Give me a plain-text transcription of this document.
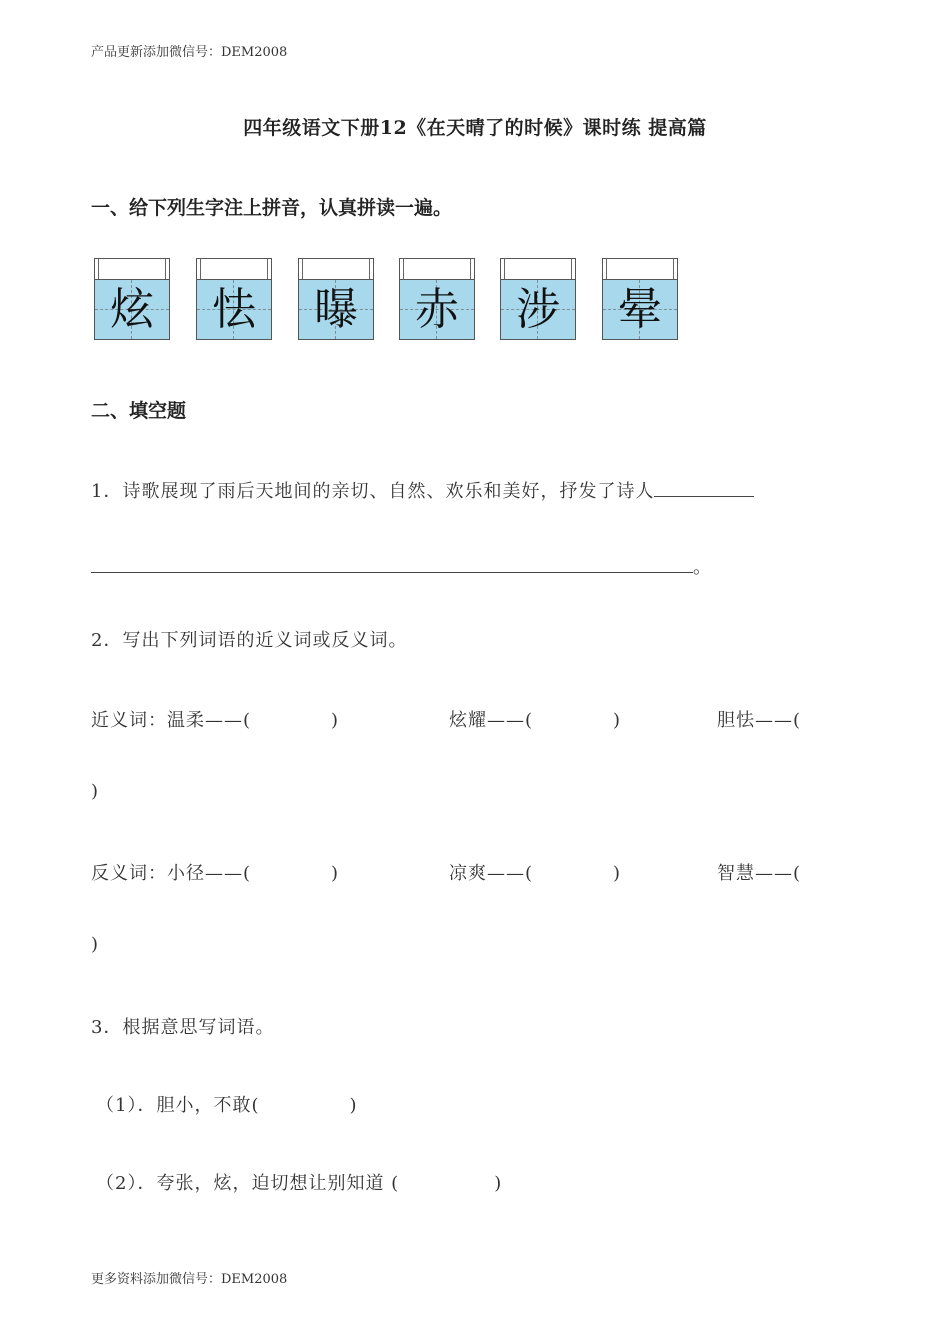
产品更新添加微信号：DEM2008
四年级语文下册12《在天晴了的时候》课时练 提高篇
一、给下列生字注上拼音，认真拼读一遍。
炫	怯	曝	赤	涉	晕
二、填空题
1．诗歌展现了雨后天地间的亲切、自然、欢乐和美好，抒发了诗人
。
2．写出下列词语的近义词或反义词。
近义词：温柔——(	)	炫耀——(	)	胆怯——(
)
反义词：小径——(	)	凉爽——(	)	智慧——(
)
3．根据意思写词语。
（1）．胆小，不敢(	)
（2）．夸张，炫，迫切想让别知道 (	)
更多资料添加微信号：DEM2008
